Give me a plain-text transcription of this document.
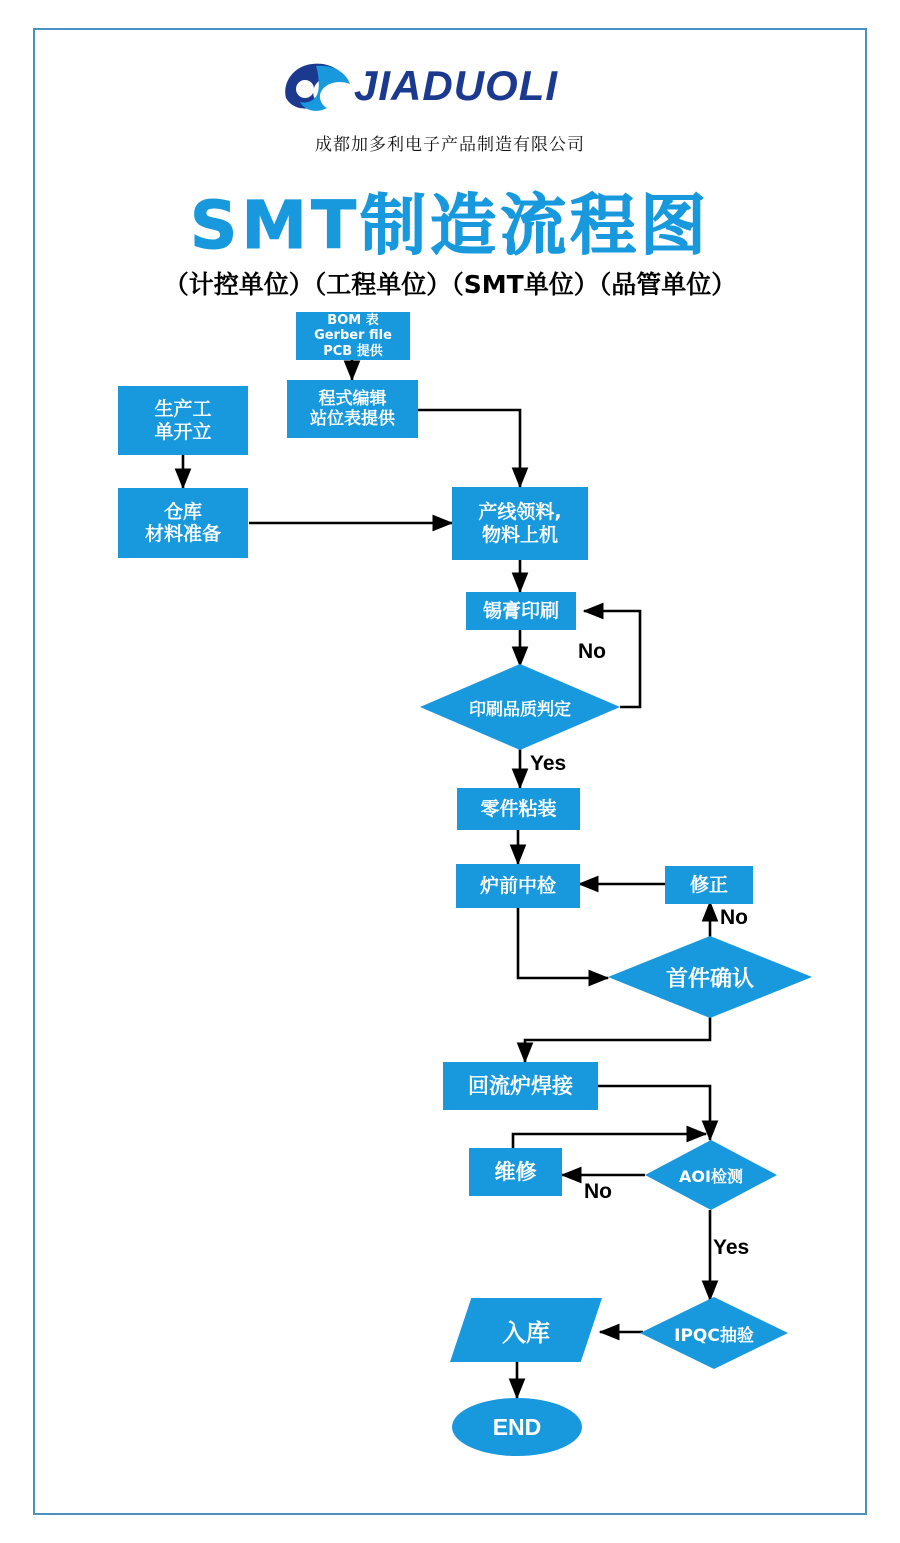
JIADUOLI
成都加多利电子产品制造有限公司
SMT制造流程图
（计控单位）（工程单位）（SMT单位）（品管单位）
BOM 表
Gerber file
PCB 提供
程式编辑
站位表提供
生产工
单开立
仓库
材料准备
产线领料,
物料上机
锡膏印刷
印刷品质判定
零件粘装
炉前中检	修正
首件确认
回流炉焊接
维修	AOI检测
IPQC抽验
入库
END
No
Yes
No
No
Yes
